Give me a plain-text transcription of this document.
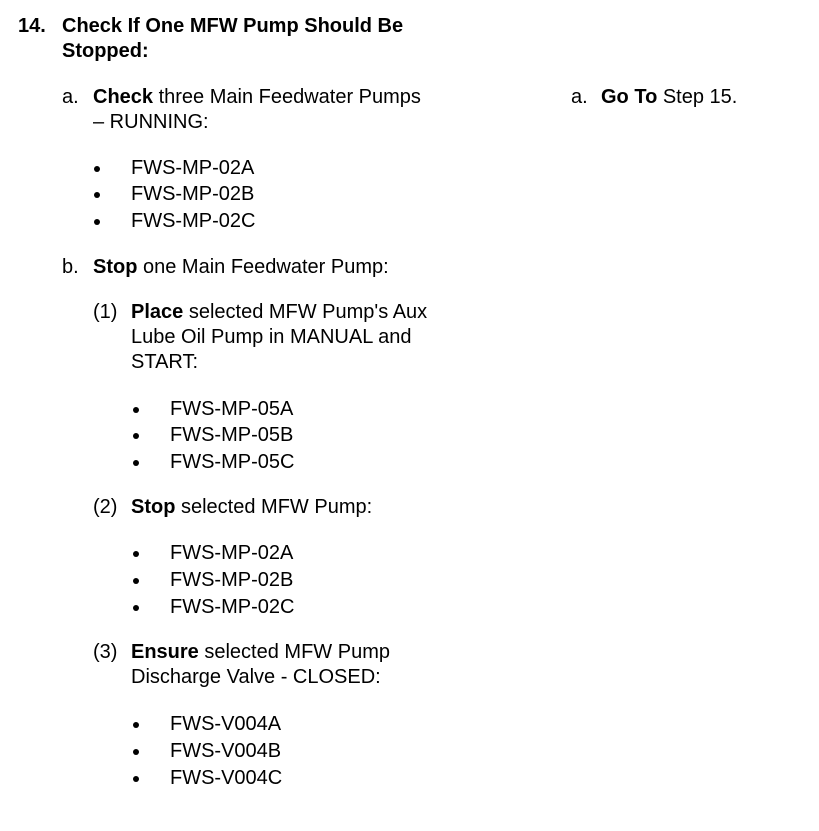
14. Check If One MFW Pump Should Be
Stopped:
a. Check three Main Feedwater Pumps
– RUNNING:
a. Go To Step 15.
FWS-MP-02A
FWS-MP-02B
FWS-MP-02C
b. Stop one Main Feedwater Pump:
(1) Place selected MFW Pump's Aux
Lube Oil Pump in MANUAL and
START:
FWS-MP-05A
FWS-MP-05B
FWS-MP-05C
(2) Stop selected MFW Pump:
FWS-MP-02A
FWS-MP-02B
FWS-MP-02C
(3) Ensure selected MFW Pump
Discharge Valve - CLOSED:
FWS-V004A
FWS-V004B
FWS-V004C
